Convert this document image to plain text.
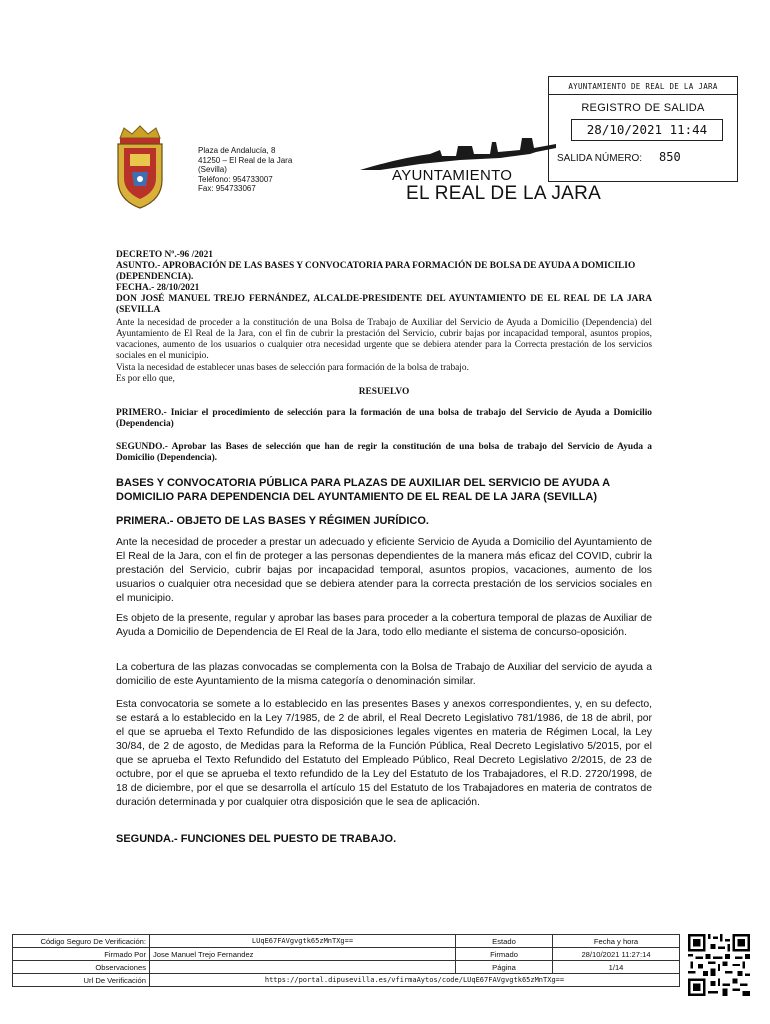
AYUNTAMIENTO DE REAL DE LA JARA
REGISTRO DE SALIDA
28/10/2021 11:44
SALIDA NÚMERO: 850
Plaza de Andalucía, 8
41250 – El Real de la Jara
(Sevilla)
Teléfono: 954733007
Fax: 954733067
AYUNTAMIENTO
EL REAL DE LA JARA
DECRETO Nº.-96 /2021
ASUNTO.- APROBACIÓN DE LAS BASES Y CONVOCATORIA PARA FORMACIÓN DE BOLSA DE AYUDA A DOMICILIO (DEPENDENCIA).
FECHA.- 28/10/2021
DON JOSÉ MANUEL TREJO FERNÁNDEZ, ALCALDE-PRESIDENTE DEL AYUNTAMIENTO DE EL REAL DE LA JARA (SEVILLA
Ante la necesidad de proceder a la constitución de una Bolsa de Trabajo de Auxiliar del Servicio de Ayuda a Domicilio (Dependencia) del Ayuntamiento de El Real de la Jara, con el fin de cubrir la prestación del Servicio, cubrir bajas por incapacidad temporal, asuntos propios, vacaciones, aumento de los usuarios o cualquier otra necesidad urgente que se debiera atender para la Correcta prestación de los servicios sociales en el municipio.
Vista la necesidad de establecer unas bases de selección para formación de la bolsa de trabajo.
Es por ello que,
RESUELVO
PRIMERO.- Iniciar el procedimiento de selección para la formación de una bolsa de trabajo del Servicio de Ayuda a Domicilio (Dependencia)
SEGUNDO.- Aprobar las Bases de selección que han de regir la constitución de una bolsa de trabajo del Servicio de Ayuda a Domicilio (Dependencia).
BASES Y CONVOCATORIA PÚBLICA PARA PLAZAS DE AUXILIAR DEL SERVICIO DE AYUDA A DOMICILIO PARA DEPENDENCIA DEL AYUNTAMIENTO DE EL REAL DE LA JARA (SEVILLA)
PRIMERA.- OBJETO DE LAS BASES Y RÉGIMEN JURÍDICO.
Ante la necesidad de proceder a prestar un adecuado y eficiente Servicio de Ayuda a Domicilio del Ayuntamiento de El Real de la Jara, con el fin de proteger a las personas dependientes de la manera más eficaz del COVID, cubrir la prestación del Servicio, cubrir bajas por incapacidad temporal, asuntos propios, vacaciones, aumento de los usuarios o cualquier otra necesidad que se debiera atender para la correcta prestación de los servicios sociales en el municipio.
Es objeto de la presente, regular y aprobar las bases para proceder a la cobertura temporal de plazas de Auxiliar de Ayuda a Domicilio de Dependencia de El Real de la Jara, todo ello mediante el sistema de concurso-oposición.
La cobertura de las plazas convocadas se complementa con la Bolsa de Trabajo de Auxiliar del servicio de ayuda a domicilio de este Ayuntamiento de la misma categoría o denominación similar.
Esta convocatoria se somete a lo establecido en las presentes Bases y anexos correspondientes, y, en su defecto, se estará a lo establecido en la Ley 7/1985, de 2 de abril, el Real Decreto Legislativo 781/1986, de 18 de abril, por el que se aprueba el Texto Refundido de las disposiciones legales vigentes en materia de Régimen Local, la Ley 30/84, de 2 de agosto, de Medidas para la Reforma de la Función Pública, Real Decreto Legislativo 5/2015, por el que se aprueba el Texto Refundido del Estatuto del Empleado Público, Real Decreto Legislativo 2/2015, de 23 de octubre, por el que se aprueba el texto refundido de la Ley del Estatuto de los Trabajadores, el R.D. 2720/1998, de 18 de diciembre, por el que se desarrolla el artículo 15 del Estatuto de los Trabajadores en materia de contratos de duración determinada y por cualquier otra disposición que le sea de aplicación.
SEGUNDA.- FUNCIONES DEL PUESTO DE TRABAJO.
Código Seguro De Verificación:	LUqE67FAVgvgtk65zMnTXg==	Estado	Fecha y hora
Firmado Por	Jose Manuel Trejo Fernandez	Firmado	28/10/2021 11:27:14
Observaciones		Página	1/14
Url De Verificación	https://portal.dipusevilla.es/vfirmaAytos/code/LUqE67FAVgvgtk65zMnTXg==		
